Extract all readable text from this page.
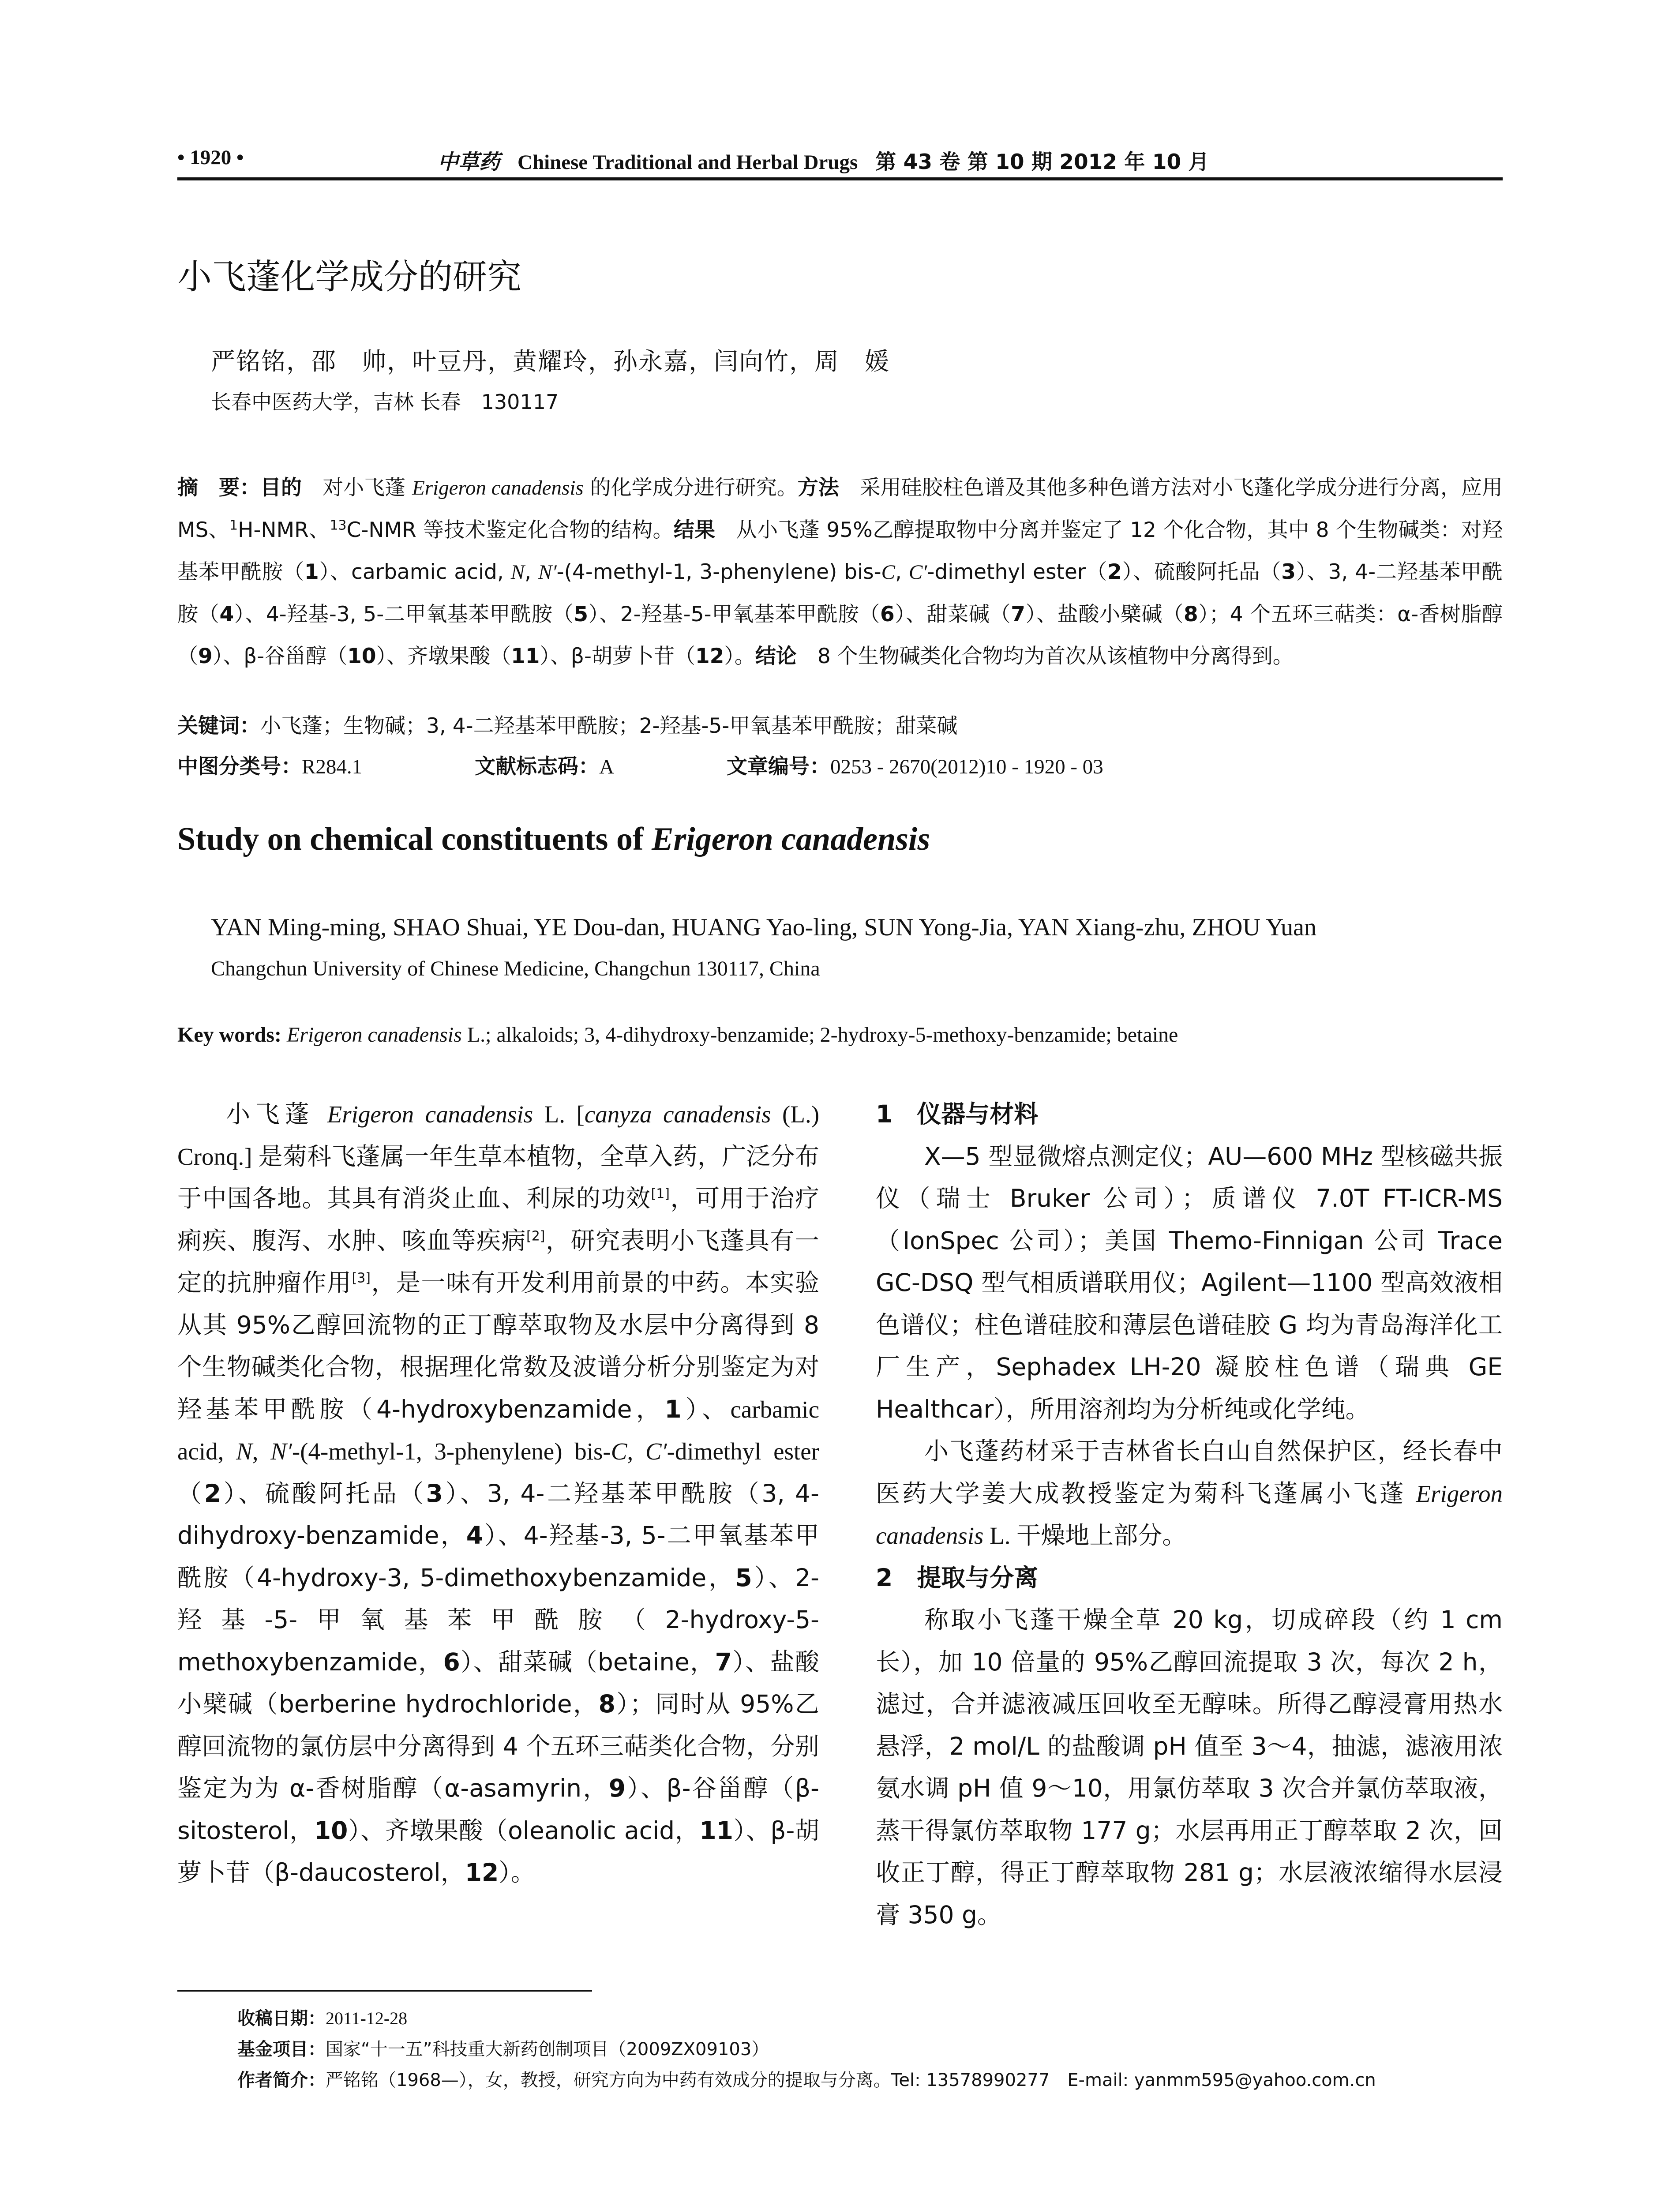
• 1920 •	中草药 Chinese Traditional and Herbal Drugs 第 43 卷 第 10 期 2012 年 10 月
小飞蓬化学成分的研究
严铭铭，邵　帅，叶豆丹，黄耀玲，孙永嘉，闫向竹，周　媛
长春中医药大学，吉林 长春　130117
摘　要：目的　对小飞蓬 Erigeron canadensis 的化学成分进行研究。方法　采用硅胶柱色谱及其他多种色谱方法对小飞蓬化学成分进行分离，应用 MS、$^1$H-NMR、$^{13}$C-NMR 等技术鉴定化合物的结构。结果　从小飞蓬 95%乙醇提取物中分离并鉴定了 12 个化合物，其中 8 个生物碱类：对羟基苯甲酰胺（1）、carbamic acid, N, N′-(4-methyl-1, 3-phenylene) bis-C, C′-dimethyl ester（2）、硫酸阿托品（3）、3, 4-二羟基苯甲酰胺（4）、4-羟基-3, 5-二甲氧基苯甲酰胺（5）、2-羟基-5-甲氧基苯甲酰胺（6）、甜菜碱（7）、盐酸小檗碱（8）；4 个五环三萜类：α-香树脂醇（9）、β-谷甾醇（10）、齐墩果酸（11）、β-胡萝卜苷（12）。结论　8 个生物碱类化合物均为首次从该植物中分离得到。
关键词：小飞蓬；生物碱；3, 4-二羟基苯甲酰胺；2-羟基-5-甲氧基苯甲酰胺；甜菜碱
中图分类号：R284.1	文献标志码：A	文章编号：0253 - 2670(2012)10 - 1920 - 03
Study on chemical constituents of Erigeron canadensis
YAN Ming-ming, SHAO Shuai, YE Dou-dan, HUANG Yao-ling, SUN Yong-Jia, YAN Xiang-zhu, ZHOU Yuan
Changchun University of Chinese Medicine, Changchun 130117, China
Key words: Erigeron canadensis L.; alkaloids; 3, 4-dihydroxy-benzamide; 2-hydroxy-5-methoxy-benzamide; betaine

小飞蓬 Erigeron canadensis L. [canyza canadensis (L.) Cronq.] 是菊科飞蓬属一年生草本植物，全草入药，广泛分布于中国各地。其具有消炎止血、利尿的功效[1]，可用于治疗痢疾、腹泻、水肿、咳血等疾病[2]，研究表明小飞蓬具有一定的抗肿瘤作用[3]，是一味有开发利用前景的中药。本实验从其 95%乙醇回流物的正丁醇萃取物及水层中分离得到 8 个生物碱类化合物，根据理化常数及波谱分析分别鉴定为对羟基苯甲酰胺（4-hydroxybenzamide，1）、carbamic acid, N, N′-(4-methyl-1, 3-phenylene) bis-C, C′-dimethyl ester（2）、硫酸阿托品（3）、3, 4-二羟基苯甲酰胺（3, 4-dihydroxy-benzamide，4）、4-羟基-3, 5-二甲氧基苯甲酰胺（4-hydroxy-3, 5-dimethoxybenzamide，5）、2-羟基-5-甲氧基苯甲酰胺（2-hydroxy-5-methoxybenzamide，6）、甜菜碱（betaine，7）、盐酸小檗碱（berberine hydrochloride，8）；同时从 95%乙醇回流物的氯仿层中分离得到 4 个五环三萜类化合物，分别鉴定为为 α-香树脂醇（α-asamyrin，9）、β-谷甾醇（β-sitosterol，10）、齐墩果酸（oleanolic acid，11）、β-胡萝卜苷（β-daucosterol，12）。

1　仪器与材料

X—5 型显微熔点测定仪；AU—600 MHz 型核磁共振仪（瑞士 Bruker 公司）；质谱仪 7.0T FT-ICR-MS（IonSpec 公司）；美国 Themo-Finnigan 公司 Trace GC-DSQ 型气相质谱联用仪；Agilent—1100 型高效液相色谱仪；柱色谱硅胶和薄层色谱硅胶 G 均为青岛海洋化工厂生产，Sephadex LH-20 凝胶柱色谱（瑞典 GE Healthcar），所用溶剂均为分析纯或化学纯。

小飞蓬药材采于吉林省长白山自然保护区，经长春中医药大学姜大成教授鉴定为菊科飞蓬属小飞蓬 Erigeron canadensis L. 干燥地上部分。

2　提取与分离

称取小飞蓬干燥全草 20 kg，切成碎段（约 1 cm 长），加 10 倍量的 95%乙醇回流提取 3 次，每次 2 h，滤过，合并滤液减压回收至无醇味。所得乙醇浸膏用热水悬浮，2 mol/L 的盐酸调 pH 值至 3～4，抽滤，滤液用浓氨水调 pH 值 9～10，用氯仿萃取 3 次合并氯仿萃取液，蒸干得氯仿萃取物 177 g；水层再用正丁醇萃取 2 次，回收正丁醇，得正丁醇萃取物 281 g；水层液浓缩得水层浸膏 350 g。

收稿日期：2011-12-28
基金项目：国家“十一五”科技重大新药创制项目（2009ZX09103）
作者简介：严铭铭（1968—），女，教授，研究方向为中药有效成分的提取与分离。Tel: 13578990277　E-mail: yanmm595@yahoo.com.cn
